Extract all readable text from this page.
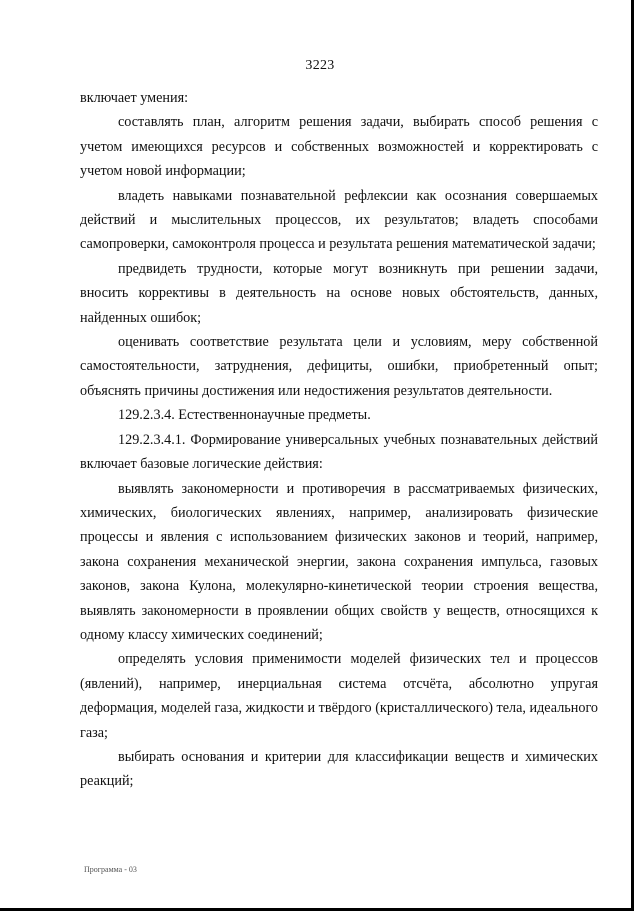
3223

включает умения:

составлять план, алгоритм решения задачи, выбирать способ решения с учетом имеющихся ресурсов и собственных возможностей и корректировать с учетом новой информации;

владеть навыками познавательной рефлексии как осознания совершаемых действий и мыслительных процессов, их результатов; владеть способами самопроверки, самоконтроля процесса и результата решения математической задачи;

предвидеть трудности, которые могут возникнуть при решении задачи, вносить коррективы в деятельность на основе новых обстоятельств, данных, найденных ошибок;

оценивать соответствие результата цели и условиям, меру собственной самостоятельности, затруднения, дефициты, ошибки, приобретенный опыт; объяснять причины достижения или недостижения результатов деятельности.

129.2.3.4. Естественнонаучные предметы.

129.2.3.4.1. Формирование универсальных учебных познавательных действий включает базовые логические действия:

выявлять закономерности и противоречия в рассматриваемых физических, химических, биологических явлениях, например, анализировать физические процессы и явления с использованием физических законов и теорий, например, закона сохранения механической энергии, закона сохранения импульса, газовых законов, закона Кулона, молекулярно-кинетической теории строения вещества, выявлять закономерности в проявлении общих свойств у веществ, относящихся к одному классу химических соединений;

определять условия применимости моделей физических тел и процессов (явлений), например, инерциальная система отсчёта, абсолютно упругая деформация, моделей газа, жидкости и твёрдого (кристаллического) тела, идеального газа;

выбирать основания и критерии для классификации веществ и химических реакций;

Программа - 03
